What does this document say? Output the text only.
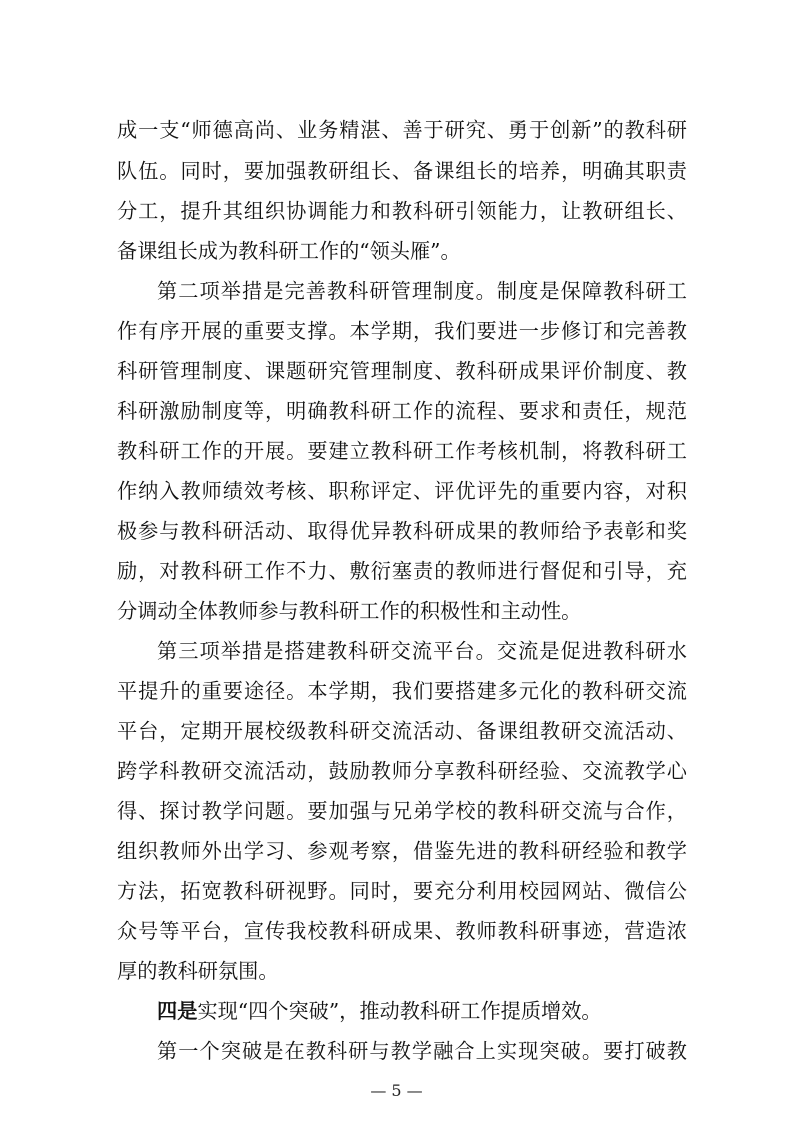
成一支“师德高尚、业务精湛、善于研究、勇于创新”的教科研
队伍。同时，要加强教研组长、备课组长的培养，明确其职责
分工，提升其组织协调能力和教科研引领能力，让教研组长、
备课组长成为教科研工作的“领头雁”。
第二项举措是完善教科研管理制度。制度是保障教科研工
作有序开展的重要支撑。本学期，我们要进一步修订和完善教
科研管理制度、课题研究管理制度、教科研成果评价制度、教
科研激励制度等，明确教科研工作的流程、要求和责任，规范
教科研工作的开展。要建立教科研工作考核机制，将教科研工
作纳入教师绩效考核、职称评定、评优评先的重要内容，对积
极参与教科研活动、取得优异教科研成果的教师给予表彰和奖
励，对教科研工作不力、敷衍塞责的教师进行督促和引导，充
分调动全体教师参与教科研工作的积极性和主动性。
第三项举措是搭建教科研交流平台。交流是促进教科研水
平提升的重要途径。本学期，我们要搭建多元化的教科研交流
平台，定期开展校级教科研交流活动、备课组教研交流活动、
跨学科教研交流活动，鼓励教师分享教科研经验、交流教学心
得、探讨教学问题。要加强与兄弟学校的教科研交流与合作，
组织教师外出学习、参观考察，借鉴先进的教科研经验和教学
方法，拓宽教科研视野。同时，要充分利用校园网站、微信公
众号等平台，宣传我校教科研成果、教师教科研事迹，营造浓
厚的教科研氛围。
四是实现“四个突破”，推动教科研工作提质增效。
第一个突破是在教科研与教学融合上实现突破。要打破教
— 5 —
